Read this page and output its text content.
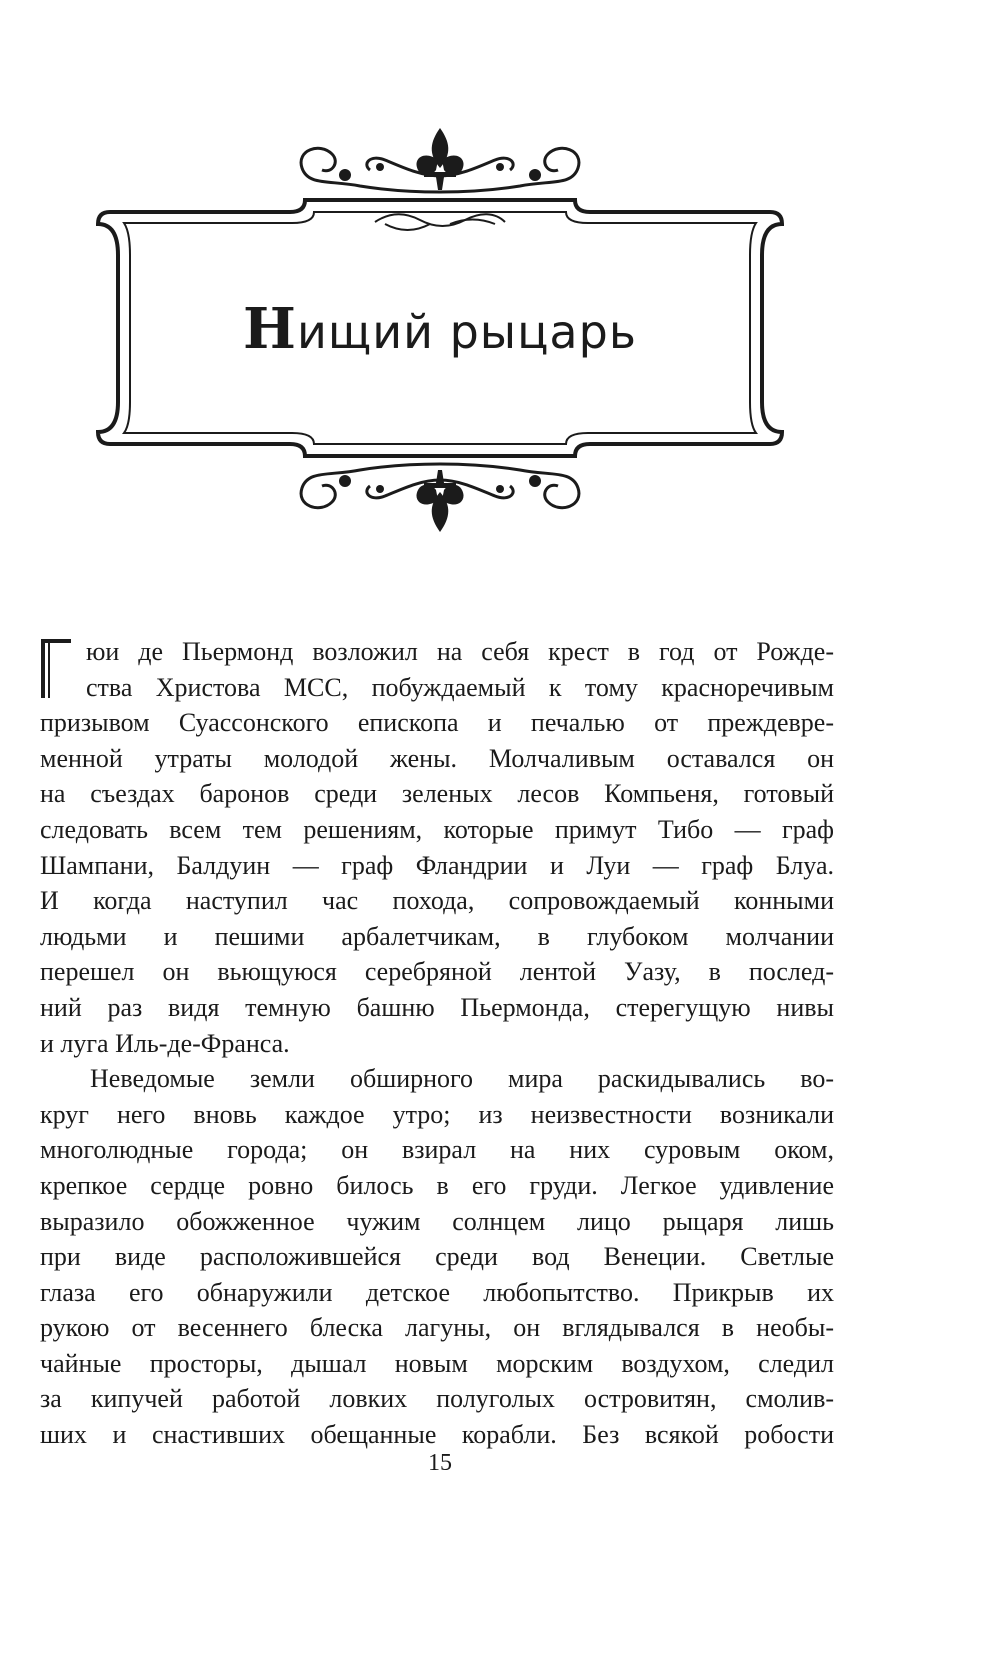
Нищий рыцарь
юи де Пьермонд возложил на себя крест в год от Рожде-
ства Христова MCC, побуждаемый к тому красноречивым
призывом Суассонского епископа и печалью от преждевре-
менной утраты молодой жены. Молчаливым оставался он
на съездах баронов среди зеленых лесов Компьеня, готовый
следовать всем тем решениям, которые примут Тибо — граф
Шампани, Балдуин — граф Фландрии и Луи — граф Блуа.
И когда наступил час похода, сопровождаемый конными
людьми и пешими арбалетчикам, в глубоком молчании
перешел он вьющуюся серебряной лентой Уазу, в послед-
ний раз видя темную башню Пьермонда, стерегущую нивы
и луга Иль-де-Франса.
Неведомые земли обширного мира раскидывались во-
круг него вновь каждое утро; из неизвестности возникали
многолюдные города; он взирал на них суровым оком,
крепкое сердце ровно билось в его груди. Легкое удивление
выразило обожженное чужим солнцем лицо рыцаря лишь
при виде расположившейся среди вод Венеции. Светлые
глаза его обнаружили детское любопытство. Прикрыв их
рукою от весеннего блеска лагуны, он вглядывался в необы-
чайные просторы, дышал новым морским воздухом, следил
за кипучей работой ловких полуголых островитян, смолив-
ших и снастивших обещанные корабли. Без всякой робости

15
